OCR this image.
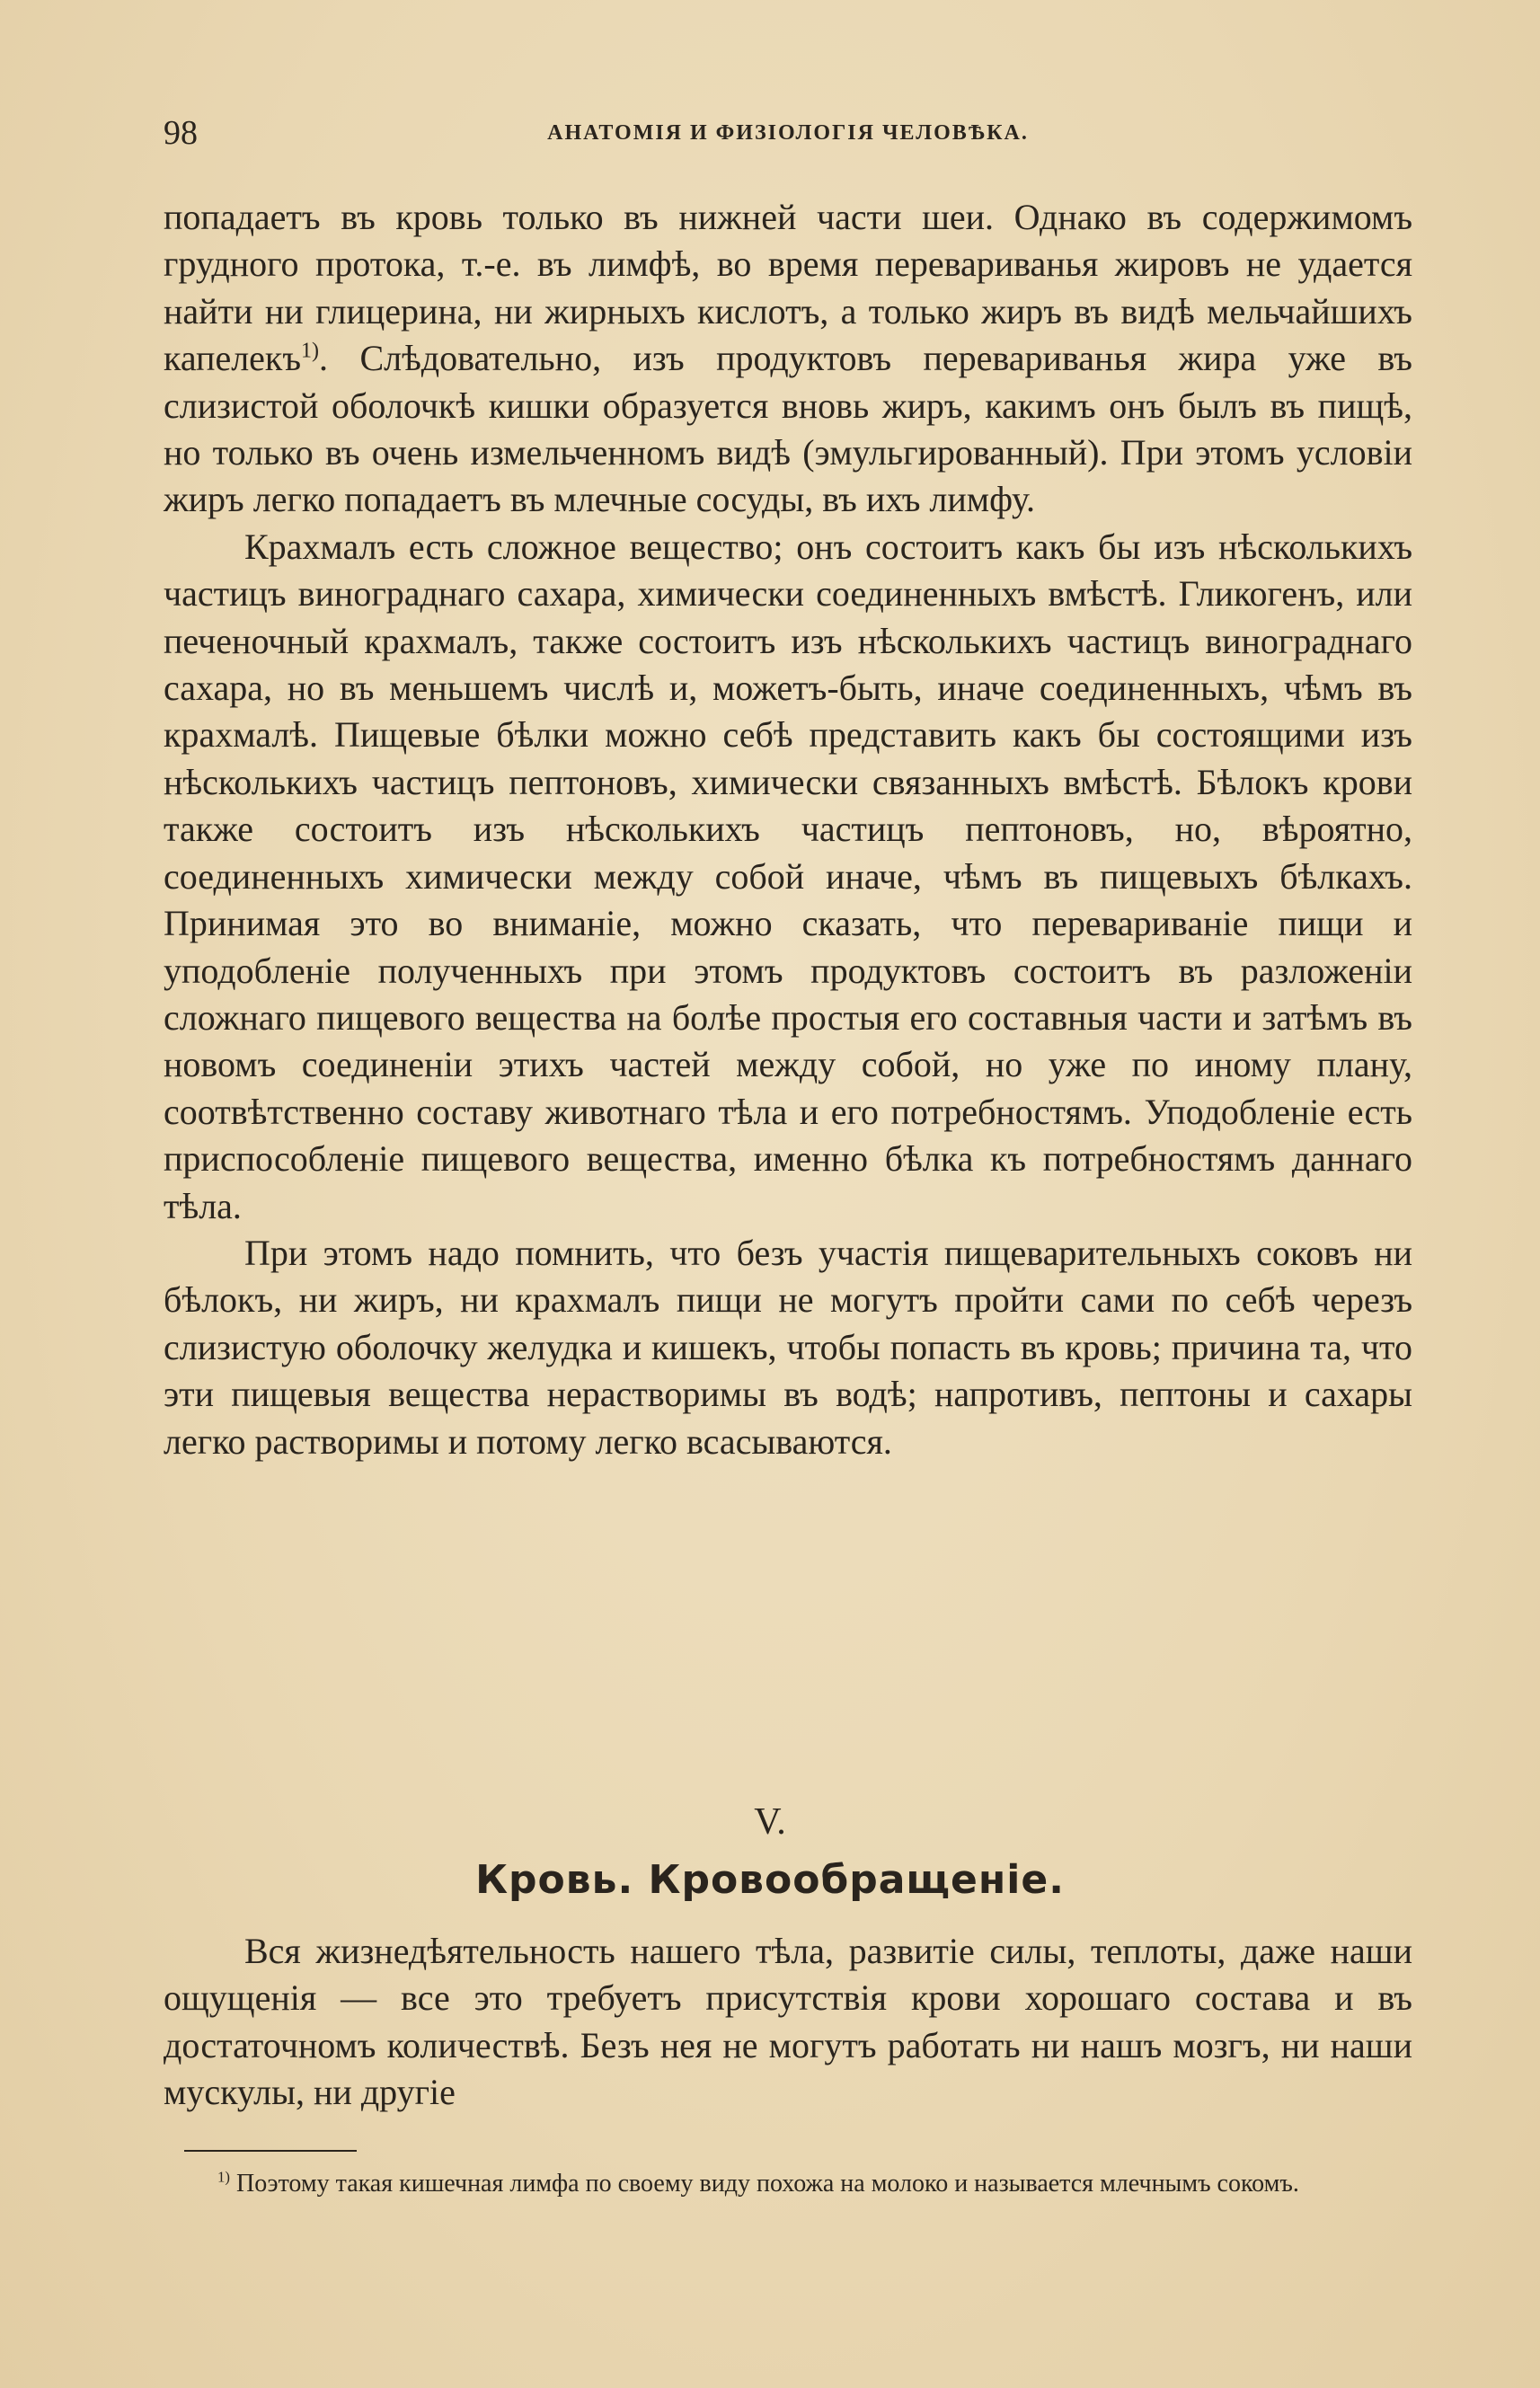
98	АНАТОМІЯ И ФИЗІОЛОГІЯ ЧЕЛОВѢКА.

попадаетъ въ кровь только въ нижней части шеи. Однако въ содержимомъ грудного протока, т.-е. въ лимфѣ, во время переваpиванья жировъ не удается найти ни глицерина, ни жирныхъ кислотъ, а только жиръ въ видѣ мельчайшихъ капелекъ$^{1)}$. Слѣдовательно, изъ продуктовъ перевариванья жира уже въ слизистой оболочкѣ кишки образуется вновь жиръ, какимъ онъ былъ въ пищѣ, но только въ очень измельченномъ видѣ (эмульгированный). При этомъ условіи жиръ легко попадаетъ въ млечные сосуды, въ ихъ лимфу.

Крахмалъ есть сложное вещество; онъ состоитъ какъ бы изъ нѣсколькихъ частицъ винограднаго сахара, химически соединенныхъ вмѣстѣ. Гликогенъ, или печеночный крахмалъ, также состоитъ изъ нѣсколькихъ частицъ винограднаго сахара, но въ меньшемъ числѣ и, можетъ-быть, иначе соединенныхъ, чѣмъ въ крахмалѣ. Пищевые бѣлки можно себѣ представить какъ бы состоящими изъ нѣсколькихъ частицъ пептоновъ, химически связанныхъ вмѣстѣ. Бѣлокъ крови также состоитъ изъ нѣсколькихъ частицъ пептоновъ, но, вѣроятно, соединенныхъ химически между собой иначе, чѣмъ въ пищевыхъ бѣлкахъ. Принимая это во вниманіе, можно сказать, что перевариваніе пищи и уподобленіе полученныхъ при этомъ продуктовъ состоитъ въ разложеніи сложнаго пищевого вещества на болѣе простыя его составныя части и затѣмъ въ новомъ соединеніи этихъ частей между собой, но уже по иному плану, соотвѣтственно составу животнаго тѣла и его потребностямъ. Уподобленіе есть приспособленіе пищевого вещества, именно бѣлка къ потребностямъ даннаго тѣла.

При этомъ надо помнить, что безъ участія пищеварительныхъ соковъ ни бѣлокъ, ни жиръ, ни крахмалъ пищи не могутъ пройти сами по себѣ черезъ слизистую оболочку желудка и кишекъ, чтобы попасть въ кровь; причина та, что эти пищевыя вещества нерастворимы въ водѣ; напротивъ, пептоны и сахары легко растворимы и потому легко всасываются.

V.
Кровь. Кровообращеніе.

Вся жизнедѣятельность нашего тѣла, развитіе силы, теплоты, даже наши ощущенія — все это требуетъ присутствія крови хорошаго состава и въ достаточномъ количествѣ. Безъ нея не могутъ работать ни нашъ мозгъ, ни наши мускулы, ни другіе

$^{1)}$ Поэтому такая кишечная лимфа по своему виду похожа на молоко и называется млечнымъ сокомъ.
